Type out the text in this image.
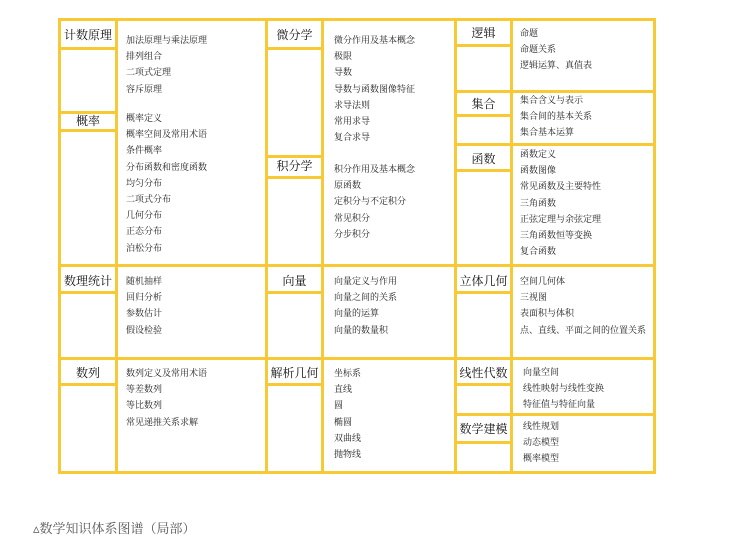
计数原理
概率
数理统计
数列
微分学
积分学
向量
解析几何
逻辑
集合
函数
立体几何
线性代数
数学建模
加法原理与乘法原理
排列组合
二项式定理
容斥原理
概率定义
概率空间及常用术语
条件概率
分布函数和密度函数
均匀分布
二项式分布
几何分布
正态分布
泊松分布
随机抽样
回归分析
参数估计
假设检验
数列定义及常用术语
等差数列
等比数列
常见递推关系求解
微分作用及基本概念
极限
导数
导数与函数图像特征
求导法则
常用求导
复合求导
积分作用及基本概念
原函数
定积分与不定积分
常见积分
分步积分
向量定义与作用
向量之间的关系
向量的运算
向量的数量积
坐标系
直线
圆
椭圆
双曲线
抛物线
命题
命题关系
逻辑运算、真值表
集合含义与表示
集合间的基本关系
集合基本运算
函数定义
函数图像
常见函数及主要特性
三角函数
正弦定理与余弦定理
三角函数恒等变换
复合函数
空间几何体
三视图
表面积与体积
点、直线、平面之间的位置关系
向量空间
线性映射与线性变换
特征值与特征向量
线性规划
动态模型
概率模型
▵数学知识体系图谱（局部）
